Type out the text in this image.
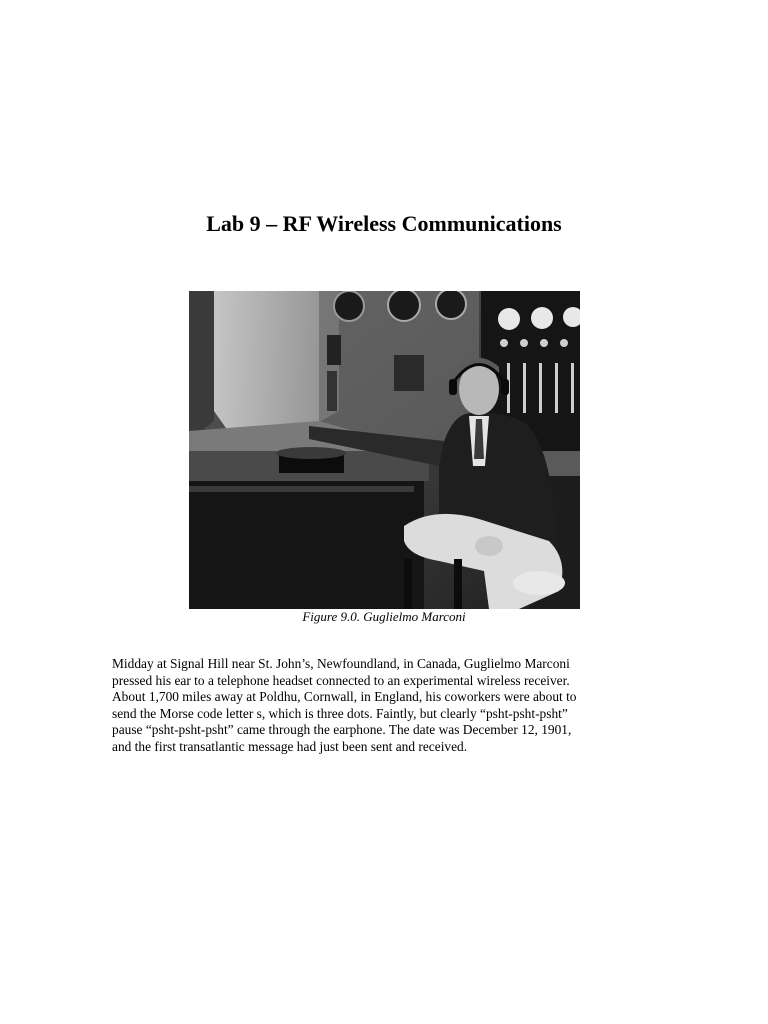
Lab 9 – RF Wireless Communications
Figure 9.0. Guglielmo Marconi

Midday at Signal Hill near St. John’s, Newfoundland, in Canada, Guglielmo Marconi
pressed his ear to a telephone headset connected to an experimental wireless receiver.
About 1,700 miles away at Poldhu, Cornwall, in England, his coworkers were about to
send the Morse code letter s, which is three dots. Faintly, but clearly “psht-psht-psht”
pause “psht-psht-psht” came through the earphone. The date was December 12, 1901,
and the first transatlantic message had just been sent and received.
